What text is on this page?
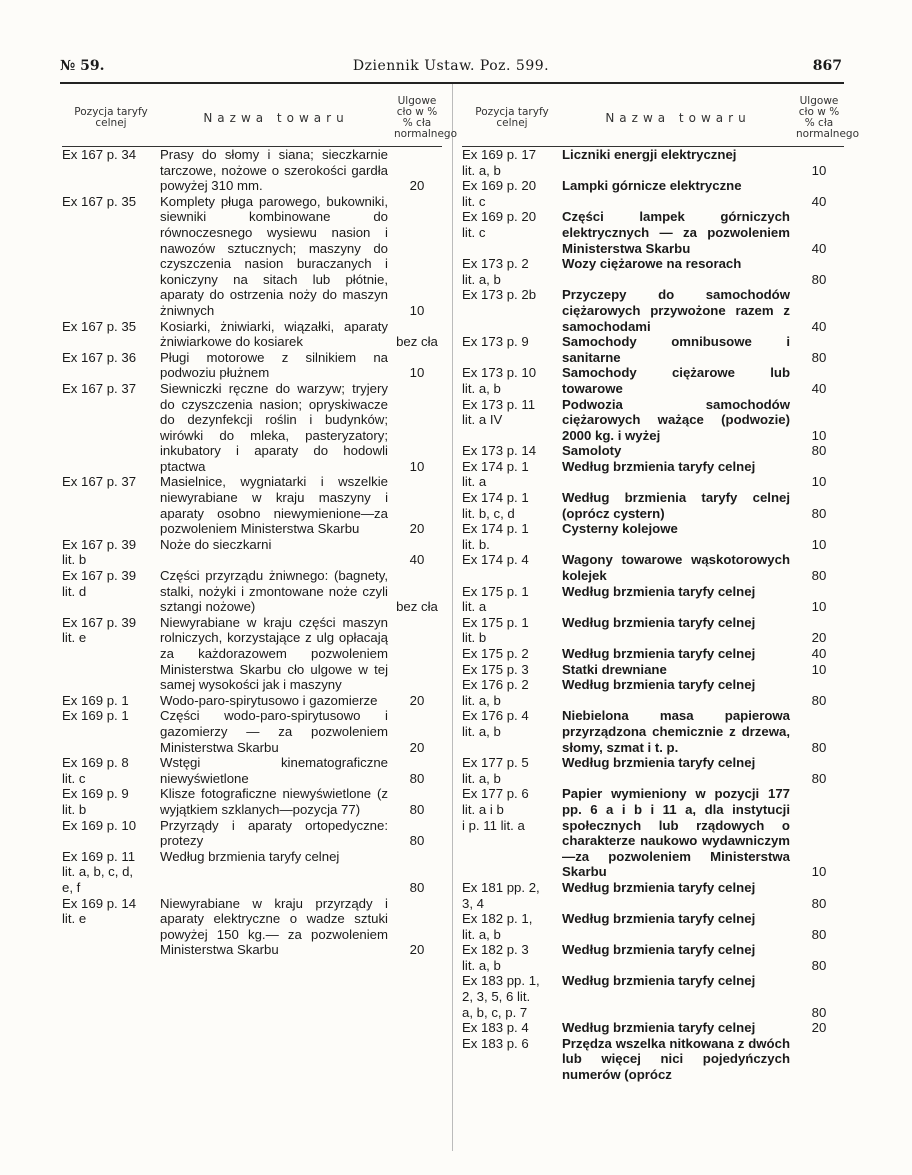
№ 59.	Dziennik Ustaw. Poz. 599.	867
Pozycja taryfy celnej	Nazwa towaru	Ulgowe cło w % % cła normalnego
Ex 167 p. 34	Prasy do słomy i siana; sieczkarnie tarczowe, nożowe o szerokości gardła powyżej 310 mm.	20
Ex 167 p. 35	Komplety pługa parowego, bukowniki, siewniki kombinowane do równoczesnego wysiewu nasion i nawozów sztucznych; maszyny do czyszczenia nasion buraczanych i koniczyny na sitach lub płótnie, aparaty do ostrzenia noży do maszyn żniwnych	10
Ex 167 p. 35	Kosiarki, żniwiarki, wiązałki, aparaty żniwiarkowe do kosiarek	bez cła
Ex 167 p. 36	Pługi motorowe z silnikiem na podwoziu płużnem	10
Ex 167 p. 37	Siewniczki ręczne do warzyw; tryjery do czyszczenia nasion; opryskiwacze do dezynfekcji roślin i budynków; wirówki do mleka, pasteryzatory; inkubatory i aparaty do hodowli ptactwa	10
Ex 167 p. 37	Masielnice, wygniatarki i wszelkie niewyrabiane w kraju maszyny i aparaty osobno niewymienione—za pozwoleniem Ministerstwa Skarbu	20
Ex 167 p. 39
lit. b	Noże do sieczkarni	40
Ex 167 p. 39
lit. d	Części przyrządu żniwnego: (bagnety, stalki, nożyki i zmontowane noże czyli sztangi nożowe)	bez cła
Ex 167 p. 39
lit. e	Niewyrabiane w kraju części maszyn rolniczych, korzystające z ulg opłacają za każdorazowem pozwoleniem Ministerstwa Skarbu cło ulgowe w tej samej wysokości jak i maszyny	
Ex 169 p. 1	Wodo-paro-spirytusowo i gazomierze	20
Ex 169 p. 1	Części wodo-paro-spirytusowo i gazomierzy — za pozwoleniem Ministerstwa Skarbu	20
Ex 169 p. 8
lit. c	Wstęgi kinematograficzne niewyświetlone	80
Ex 169 p. 9
lit. b	Klisze fotograficzne niewyświetlone (z wyjątkiem szklanych—pozycja 77)	80
Ex 169 p. 10	Przyrządy i aparaty ortopedyczne: protezy	80
Ex 169 p. 11
lit. a, b, c, d,
e, f	Według brzmienia taryfy celnej	80
Ex 169 p. 14
lit. e	Niewyrabiane w kraju przyrządy i aparaty elektryczne o wadze sztuki powyżej 150 kg.— za pozwoleniem Ministerstwa Skarbu	20
Pozycja taryfy celnej	Nazwa towaru	Ulgowe cło w % % cła normalnego
Ex 169 p. 17
lit. a, b	Liczniki energji elektrycznej	10
Ex 169 p. 20
lit. c	Lampki górnicze elektryczne	40
Ex 169 p. 20
lit. c	Części lampek górniczych elektrycznych — za pozwoleniem Ministerstwa Skarbu	40
Ex 173 p. 2
lit. a, b	Wozy ciężarowe na resorach	80
Ex 173 p. 2b	Przyczepy do samochodów ciężarowych przywożone razem z samochodami	40
Ex 173 p. 9	Samochody omnibusowe i sanitarne	80
Ex 173 p. 10
lit. a, b	Samochody ciężarowe lub towarowe	40
Ex 173 p. 11
lit. a IV	Podwozia samochodów ciężarowych ważące (podwozie) 2000 kg. i wyżej	10
Ex 173 p. 14	Samoloty	80
Ex 174 p. 1
lit. a	Według brzmienia taryfy celnej	10
Ex 174 p. 1
lit. b, c, d	Według brzmienia taryfy celnej (oprócz cystern)	80
Ex 174 p. 1
lit. b.	Cysterny kolejowe	10
Ex 174 p. 4	Wagony towarowe wąskotorowych kolejek	80
Ex 175 p. 1
lit. a	Według brzmienia taryfy celnej	10
Ex 175 p. 1
lit. b	Według brzmienia taryfy celnej	20
Ex 175 p. 2	Według brzmienia taryfy celnej	40
Ex 175 p. 3	Statki drewniane	10
Ex 176 p. 2
lit. a, b	Według brzmienia taryfy celnej	80
Ex 176 p. 4
lit. a, b	Niebielona masa papierowa przyrządzona chemicznie z drzewa, słomy, szmat i t. p.	80
Ex 177 p. 5
lit. a, b	Według brzmienia taryfy celnej	80
Ex 177 p. 6
lit. a i b
i p. 11 lit. a	Papier wymieniony w pozycji 177 pp. 6 a i b i 11 a, dla instytucji społecznych lub rządowych o charakterze naukowo wydawniczym—za pozwoleniem Ministerstwa Skarbu	10
Ex 181 pp. 2,
3, 4	Według brzmienia taryfy celnej	80
Ex 182 p. 1,
lit. a, b	Według brzmienia taryfy celnej	80
Ex 182 p. 3
lit. a, b	Według brzmienia taryfy celnej	80
Ex 183 pp. 1,
2, 3, 5, 6 lit.
a, b, c, p. 7	Według brzmienia taryfy celnej	80
Ex 183 p. 4	Według brzmienia taryfy celnej	20
Ex 183 p. 6	Przędza wszelka nitkowana z dwóch lub więcej nici pojedyńczych numerów (oprócz	
